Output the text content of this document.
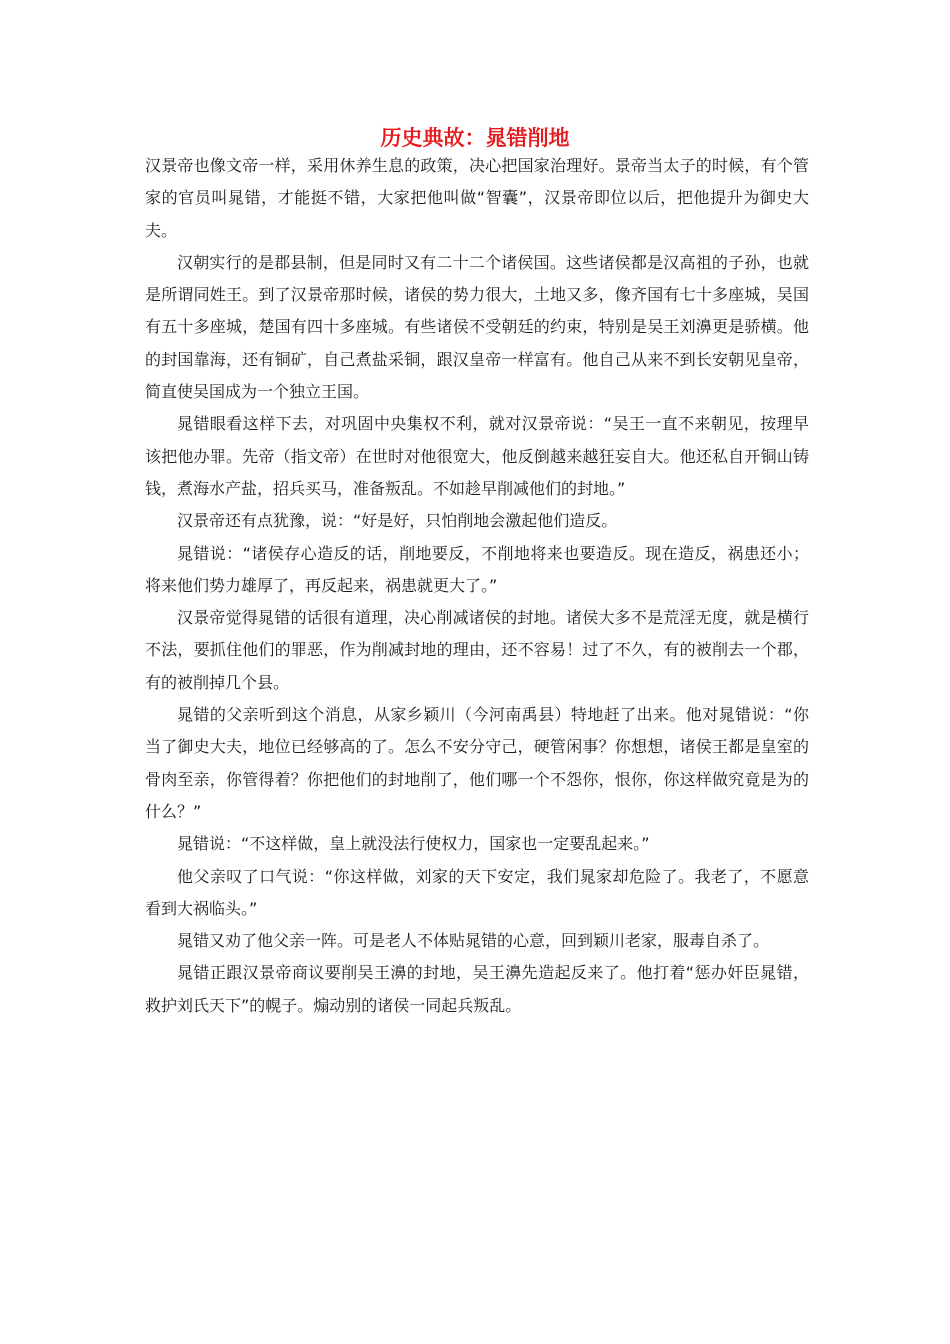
历史典故：晁错削地

汉景帝也像文帝一样，采用休养生息的政策，决心把国家治理好。景帝当太子的时候，有个管家的官员叫晁错，才能挺不错，大家把他叫做“智囊”，汉景帝即位以后，把他提升为御史大夫。

汉朝实行的是郡县制，但是同时又有二十二个诸侯国。这些诸侯都是汉高祖的子孙，也就是所谓同姓王。到了汉景帝那时候，诸侯的势力很大，土地又多，像齐国有七十多座城，吴国有五十多座城，楚国有四十多座城。有些诸侯不受朝廷的约束，特别是吴王刘濞更是骄横。他的封国靠海，还有铜矿，自己煮盐采铜，跟汉皇帝一样富有。他自己从来不到长安朝见皇帝，简直使吴国成为一个独立王国。

晁错眼看这样下去，对巩固中央集权不利，就对汉景帝说：“吴王一直不来朝见，按理早该把他办罪。先帝（指文帝）在世时对他很宽大，他反倒越来越狂妄自大。他还私自开铜山铸钱，煮海水产盐，招兵买马，准备叛乱。不如趁早削减他们的封地。”

汉景帝还有点犹豫，说：“好是好，只怕削地会激起他们造反。

晁错说：“诸侯存心造反的话，削地要反，不削地将来也要造反。现在造反，祸患还小；将来他们势力雄厚了，再反起来，祸患就更大了。”

汉景帝觉得晁错的话很有道理，决心削减诸侯的封地。诸侯大多不是荒淫无度，就是横行不法，要抓住他们的罪恶，作为削减封地的理由，还不容易！过了不久，有的被削去一个郡，有的被削掉几个县。

晁错的父亲听到这个消息，从家乡颖川（今河南禹县）特地赶了出来。他对晁错说：“你当了御史大夫，地位已经够高的了。怎么不安分守己，硬管闲事？你想想，诸侯王都是皇室的骨肉至亲，你管得着？你把他们的封地削了，他们哪一个不怨你，恨你，你这样做究竟是为的什么？”

晁错说：“不这样做，皇上就没法行使权力，国家也一定要乱起来。”

他父亲叹了口气说：“你这样做，刘家的天下安定，我们晁家却危险了。我老了，不愿意看到大祸临头。”

晁错又劝了他父亲一阵。可是老人不体贴晁错的心意，回到颖川老家，服毒自杀了。

晁错正跟汉景帝商议要削吴王濞的封地，吴王濞先造起反来了。他打着“惩办奸臣晁错，救护刘氏天下”的幌子。煽动别的诸侯一同起兵叛乱。
